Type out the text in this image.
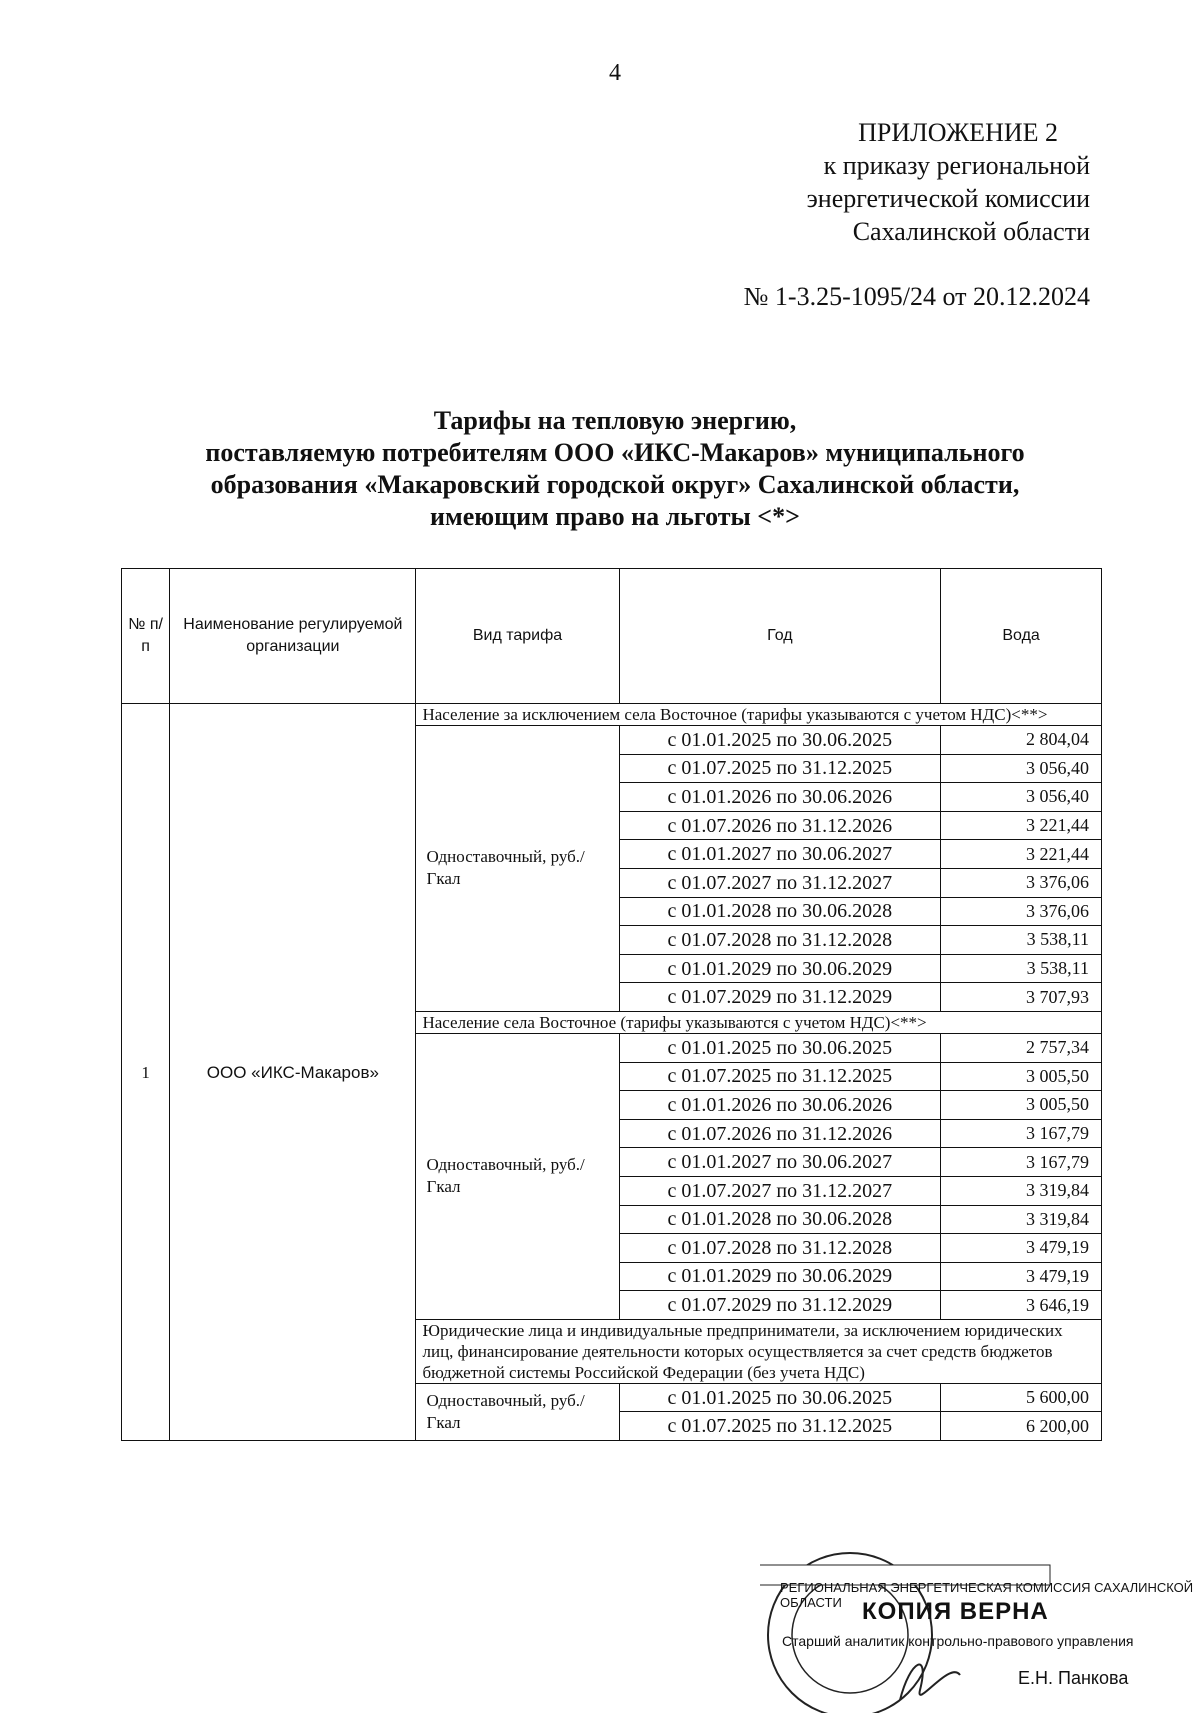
4
ПРИЛОЖЕНИЕ 2
к приказу региональной
энергетической комиссии
Сахалинской области
№ 1-3.25-1095/24 от 20.12.2024
Тарифы на тепловую энергию,
поставляемую потребителям ООО «ИКС-Макаров» муниципального
образования «Макаровский городской округ» Сахалинской области,
имеющим право на льготы <*>
№ п/п	Наименование регулируемой организации	Вид тарифа	Год	Вода
1	ООО «ИКС-Макаров»	Население за исключением села Восточное (тарифы указываются с учетом НДС)<**>		
		Одноставочный, руб./Гкал	с 01.01.2025 по 30.06.2025	2 804,04
			с 01.07.2025 по 31.12.2025	3 056,40
			с 01.01.2026 по 30.06.2026	3 056,40
			с 01.07.2026 по 31.12.2026	3 221,44
			с 01.01.2027 по 30.06.2027	3 221,44
			с 01.07.2027 по 31.12.2027	3 376,06
			с 01.01.2028 по 30.06.2028	3 376,06
			с 01.07.2028 по 31.12.2028	3 538,11
			с 01.01.2029 по 30.06.2029	3 538,11
			с 01.07.2029 по 31.12.2029	3 707,93
		Население села Восточное (тарифы указываются с учетом НДС)<**>		
		Одноставочный, руб./Гкал	с 01.01.2025 по 30.06.2025	2 757,34
			с 01.07.2025 по 31.12.2025	3 005,50
			с 01.01.2026 по 30.06.2026	3 005,50
			с 01.07.2026 по 31.12.2026	3 167,79
			с 01.01.2027 по 30.06.2027	3 167,79
			с 01.07.2027 по 31.12.2027	3 319,84
			с 01.01.2028 по 30.06.2028	3 319,84
			с 01.07.2028 по 31.12.2028	3 479,19
			с 01.01.2029 по 30.06.2029	3 479,19
			с 01.07.2029 по 31.12.2029	3 646,19
		Юридические лица и индивидуальные предприниматели, за исключением юридических лиц, финансирование деятельности которых осуществляется за счет средств бюджетов бюджетной системы Российской Федерации (без учета НДС)		
		Одноставочный, руб./Гкал	с 01.01.2025 по 30.06.2025	5 600,00
			с 01.07.2025 по 31.12.2025	6 200,00
РЕГИОНАЛЬНАЯ ЭНЕРГЕТИЧЕСКАЯ КОМИССИЯ САХАЛИНСКОЙ ОБЛАСТИ КОПИЯ ВЕРНА
Старший аналитик контрольно-правового управления
Е.Н. Панкова
